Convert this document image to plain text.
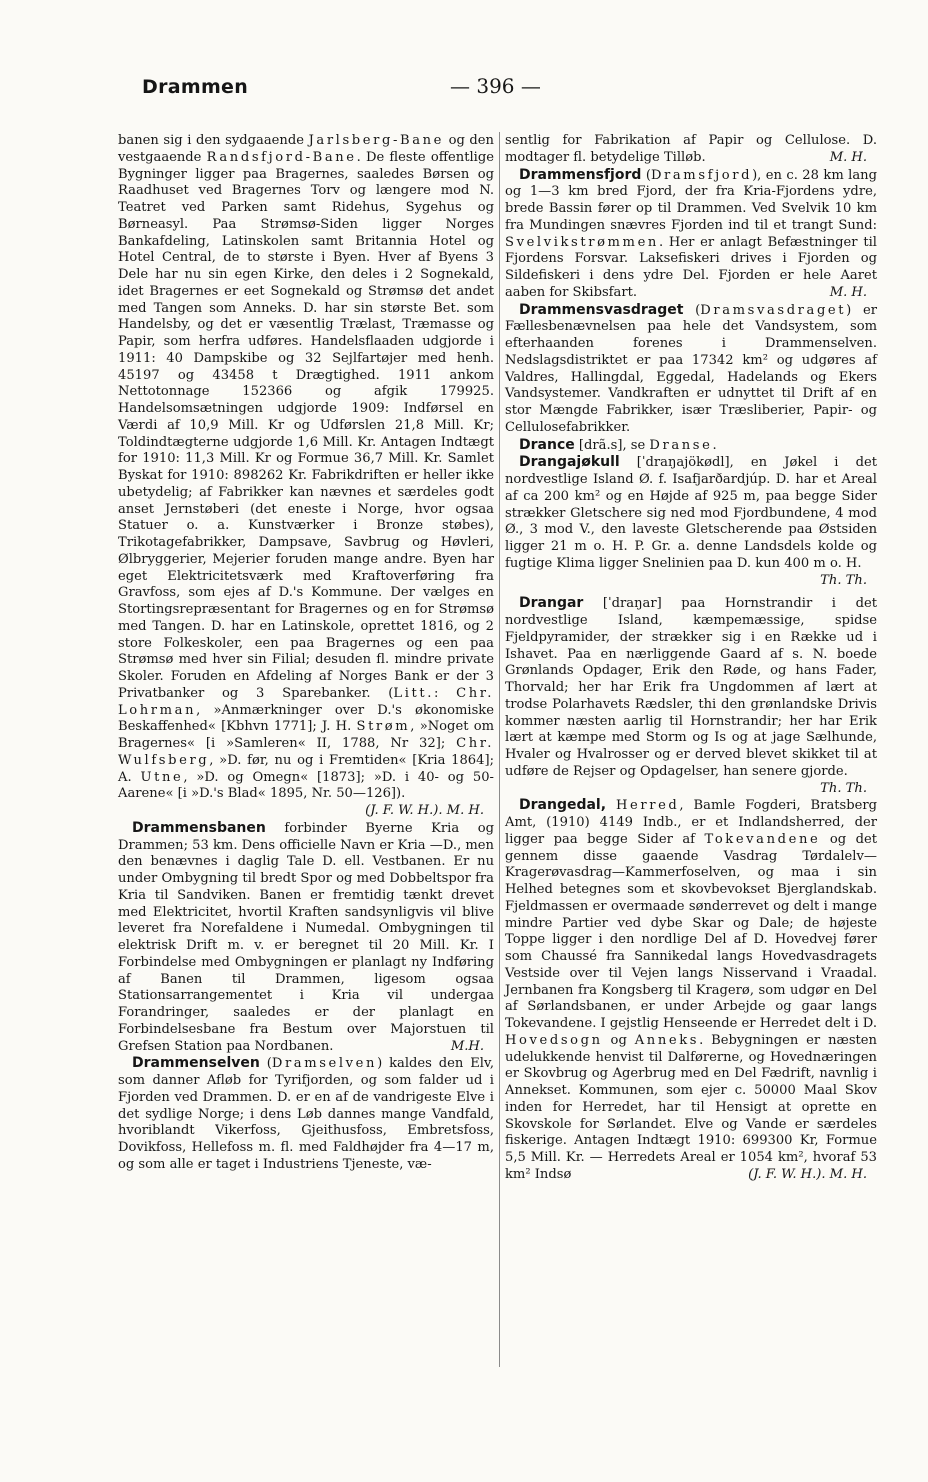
Drammen	— 396 —

banen sig i den sydgaaende Jarlsberg-Bane og den vestgaaende Randsfjord-Bane. De fleste offentlige Bygninger ligger paa Bragernes, saaledes Børsen og Raadhuset ved Bragernes Torv og længere mod N. Teatret ved Parken samt Ridehus, Sygehus og Børneasyl. Paa Strømsø-Siden ligger Norges Bankafdeling, Latinskolen samt Britannia Hotel og Hotel Central, de to største i Byen. Hver af Byens 3 Dele har nu sin egen Kirke, den deles i 2 Sognekald, idet Bragernes er eet Sognekald og Strømsø det andet med Tangen som Anneks. D. har sin største Bet. som Handelsby, og det er væsentlig Trælast, Træmasse og Papir, som herfra udføres. Handelsflaaden udgjorde i 1911: 40 Dampskibe og 32 Sejlfartøjer med henh. 45197 og 43458 t Drægtighed. 1911 ankom Nettotonnage 152366 og afgik 179925. Handelsomsætningen udgjorde 1909: Indførsel en Værdi af 10,9 Mill. Kr og Udførslen 21,8 Mill. Kr; Toldindtægterne udgjorde 1,6 Mill. Kr. Antagen Indtægt for 1910: 11,3 Mill. Kr og Formue 36,7 Mill. Kr. Samlet Byskat for 1910: 898262 Kr. Fabrikdriften er heller ikke ubetydelig; af Fabrikker kan nævnes et særdeles godt anset Jernstøberi (det eneste i Norge, hvor ogsaa Statuer o. a. Kunstværker i Bronze støbes), Trikotagefabrikker, Dampsave, Savbrug og Høvleri, Ølbryggerier, Mejerier foruden mange andre. Byen har eget Elektricitetsværk med Kraftoverføring fra Gravfoss, som ejes af D.'s Kommune. Der vælges en Stortingsrepræsentant for Bragernes og en for Strømsø med Tangen. D. har en Latinskole, oprettet 1816, og 2 store Folkeskoler, een paa Bragernes og een paa Strømsø med hver sin Filial; desuden fl. mindre private Skoler. Foruden en Afdeling af Norges Bank er der 3 Privatbanker og 3 Sparebanker. (Litt.: Chr. Lohrman, »Anmærkninger over D.'s økonomiske Beskaffenhed« [Kbhvn 1771]; J. H. Strøm, »Noget om Bragernes« [i »Samleren« II, 1788, Nr 32]; Chr. Wulfsberg, »D. før, nu og i Fremtiden« [Kria 1864]; A. Utne, »D. og Omegn« [1873]; »D. i 40- og 50-Aarene« [i »D.'s Blad« 1895, Nr. 50—126]).
(J. F. W. H.). M. H.

Drammensbanen forbinder Byerne Kria og Drammen; 53 km. Dens officielle Navn er Kria —D., men den benævnes i daglig Tale D. ell. Vestbanen. Er nu under Ombygning til bredt Spor og med Dobbeltspor fra Kria til Sandviken. Banen er fremtidig tænkt drevet med Elektricitet, hvortil Kraften sandsynligvis vil blive leveret fra Norefaldene i Numedal. Ombygningen til elektrisk Drift m. v. er beregnet til 20 Mill. Kr. I Forbindelse med Ombygningen er planlagt ny Indføring af Banen til Drammen, ligesom ogsaa Stationsarrangementet i Kria vil undergaa Forandringer, saaledes er der planlagt en Forbindelsesbane fra Bestum over Majorstuen til Grefsen Station paa Nordbanen.	M.H.

Drammenselven (Dramselven) kaldes den Elv, som danner Afløb for Tyrifjorden, og som falder ud i Fjorden ved Drammen. D. er en af de vandrigeste Elve i det sydlige Norge; i dens Løb dannes mange Vandfald, hvoriblandt Vikerfoss, Gjeithusfoss, Embretsfoss, Dovikfoss, Hellefoss m. fl. med Faldhøjder fra 4—17 m, og som alle er taget i Industriens Tjeneste, væ-

sentlig for Fabrikation af Papir og Cellulose. D. modtager fl. betydelige Tilløb.	M. H.

Drammensfjord (Dramsfjord), en c. 28 km lang og 1—3 km bred Fjord, der fra Kria-Fjordens ydre, brede Bassin fører op til Drammen. Ved Svelvik 10 km fra Mundingen snævres Fjorden ind til et trangt Sund: Svelvikstrømmen. Her er anlagt Befæstninger til Fjordens Forsvar. Laksefiskeri drives i Fjorden og Sildefiskeri i dens ydre Del. Fjorden er hele Aaret aaben for Skibsfart.	M. H.

Drammensvasdraget (Dramsvasdraget) er Fællesbenævnelsen paa hele det Vandsystem, som efterhaanden forenes i Drammenselven. Nedslagsdistriktet er paa 17342 km² og udgøres af Valdres, Hallingdal, Eggedal, Hadelands og Ekers Vandsystemer. Vandkraften er udnyttet til Drift af en stor Mængde Fabrikker, især Træsliberier, Papir- og Cellulosefabrikker.

Drance [drã.s], se Dranse.

Drangajøkull [ˈdraŋajökødl], en Jøkel i det nordvestlige Island Ø. f. Isafjarðardjúp. D. har et Areal af ca 200 km² og en Højde af 925 m, paa begge Sider strækker Gletschere sig ned mod Fjordbundene, 4 mod Ø., 3 mod V., den laveste Gletscherende paa Østsiden ligger 21 m o. H. P. Gr. a. denne Landsdels kolde og fugtige Klima ligger Snelinien paa D. kun 400 m o. H.
Th. Th.

Drangar [ˈdraŋar] paa Hornstrandir i det nordvestlige Island, kæmpemæssige, spidse Fjeldpyramider, der strækker sig i en Række ud i Ishavet. Paa en nærliggende Gaard af s. N. boede Grønlands Opdager, Erik den Røde, og hans Fader, Thorvald; her har Erik fra Ungdommen af lært at trodse Polarhavets Rædsler, thi den grønlandske Drivis kommer næsten aarlig til Hornstrandir; her har Erik lært at kæmpe med Storm og Is og at jage Sælhunde, Hvaler og Hvalrosser og er derved blevet skikket til at udføre de Rejser og Opdagelser, han senere gjorde.
Th. Th.

Drangedal, Herred, Bamle Fogderi, Bratsberg Amt, (1910) 4149 Indb., er et Indlandsherred, der ligger paa begge Sider af Tokevandene og det gennem disse gaaende Vasdrag Tørdalelv—Kragerøvasdrag—Kammerfoselven, og maa i sin Helhed betegnes som et skovbevokset Bjerglandskab. Fjeldmassen er overmaade sønderrevet og delt i mange mindre Partier ved dybe Skar og Dale; de højeste Toppe ligger i den nordlige Del af D. Hovedvej fører som Chaussé fra Sannikedal langs Hovedvasdragets Vestside over til Vejen langs Nisservand i Vraadal. Jernbanen fra Kongsberg til Kragerø, som udgør en Del af Sørlandsbanen, er under Arbejde og gaar langs Tokevandene. I gejstlig Henseende er Herredet delt i D. Hovedsogn og Anneks. Bebygningen er næsten udelukkende henvist til Dalførerne, og Hovednæringen er Skovbrug og Agerbrug med en Del Fædrift, navnlig i Annekset. Kommunen, som ejer c. 50000 Maal Skov inden for Herredet, har til Hensigt at oprette en Skovskole for Sørlandet. Elve og Vande er særdeles fiskerige. Antagen Indtægt 1910: 699300 Kr, Formue 5,5 Mill. Kr. — Herredets Areal er 1054 km², hvoraf 53 km² Indsø	(J. F. W. H.). M. H.
